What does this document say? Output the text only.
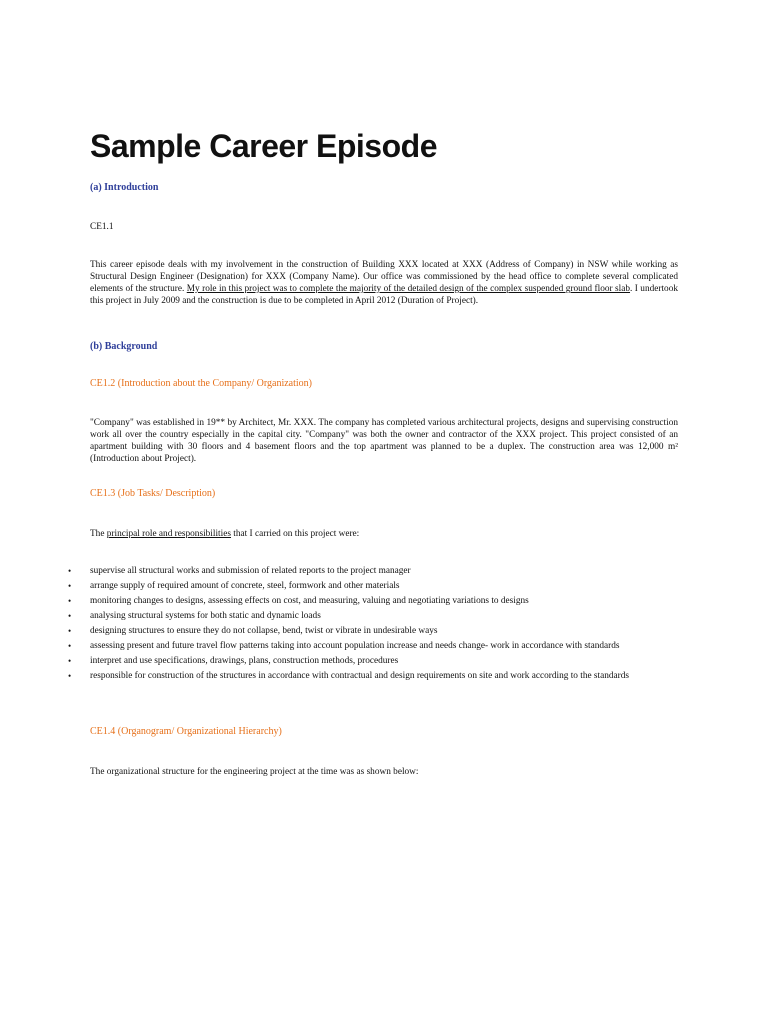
Sample Career Episode

(a) Introduction

CE1.1

This career episode deals with my involvement in the construction of Building XXX located at XXX (Address of Company) in NSW while working as Structural Design Engineer (Designation) for XXX (Company Name). Our office was commissioned by the head office to complete several complicated elements of the structure. My role in this project was to complete the majority of the detailed design of the complex suspended ground floor slab. I undertook this project in July 2009 and the construction is due to be completed in April 2012 (Duration of Project).

(b) Background

CE1.2 (Introduction about the Company/ Organization)

"Company" was established in 19** by Architect, Mr. XXX. The company has completed various architectural projects, designs and supervising construction work all over the country especially in the capital city. "Company" was both the owner and contractor of the XXX project. This project consisted of an apartment building with 30 floors and 4 basement floors and the top apartment was planned to be a duplex. The construction area was 12,000 m² (Introduction about Project).

CE1.3 (Job Tasks/ Description)

The principal role and responsibilities that I carried on this project were:

• supervise all structural works and submission of related reports to the project manager
• arrange supply of required amount of concrete, steel, formwork and other materials
• monitoring changes to designs, assessing effects on cost, and measuring, valuing and negotiating variations to designs
• analysing structural systems for both static and dynamic loads
• designing structures to ensure they do not collapse, bend, twist or vibrate in undesirable ways
• assessing present and future travel flow patterns taking into account population increase and needs change- work in accordance with standards
• interpret and use specifications, drawings, plans, construction methods, procedures
• responsible for construction of the structures in accordance with contractual and design requirements on site and work according to the standards

CE1.4 (Organogram/ Organizational Hierarchy)

The organizational structure for the engineering project at the time was as shown below:
